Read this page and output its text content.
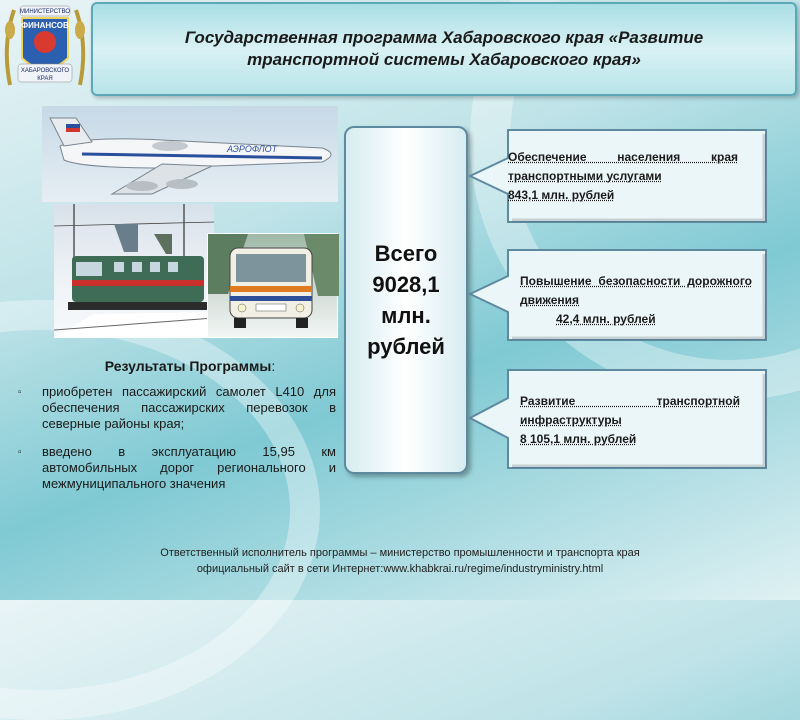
МИНИСТЕРСТВО
ФИНАНСОВ
ХАБАРОВСКОГО
КРАЯ
Государственная программа Хабаровского края «Развитие транспортной системы Хабаровского края»
АЭРОФЛОТ
Результаты Программы:
▫ приобретен пассажирский самолет L410 для обеспечения пассажирских перевозок в северные районы края;
▫ введено в эксплуатацию 15,95 км автомобильных дорог регионального и межмуниципального значения
Всего
9028,1
млн.
рублей
Обеспечение населения края транспортными услугами
843,1 млн. рублей
Повышение безопасности дорожного движения
42,4 млн. рублей
Развитие транспортной инфраструктуры
8 105,1 млн. рублей
Ответственный исполнитель программы – министерство промышленности и транспорта края
официальный сайт в сети Интернет:www.khabkrai.ru/regime/industryministry.html
